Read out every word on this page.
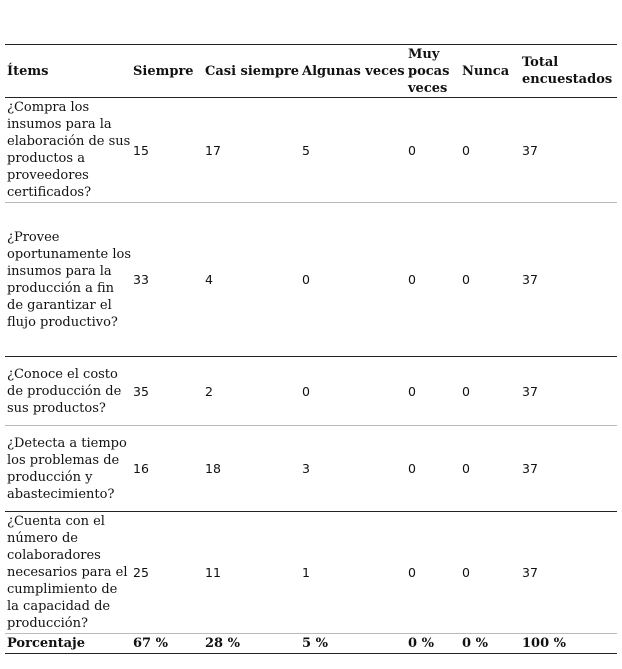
Ítems	Siempre	Casi siempre	Algunas veces	Muy pocas veces	Nunca	Total encuestados
¿Compra los insumos para la elaboración de sus productos a proveedores certificados?	15	17	5	0	0	37
¿Provee oportunamente los insumos para la producción a fin de garantizar el flujo productivo?	33	4	0	0	0	37
¿Conoce el costo de producción de sus productos?	35	2	0	0	0	37
¿Detecta a tiempo los problemas de producción y abastecimiento?	16	18	3	0	0	37
¿Cuenta con el número de colaboradores necesarios para el cumplimiento de la capacidad de producción?	25	11	1	0	0	37
Porcentaje	67 %	28 %	5 %	0 %	0 %	100 %
